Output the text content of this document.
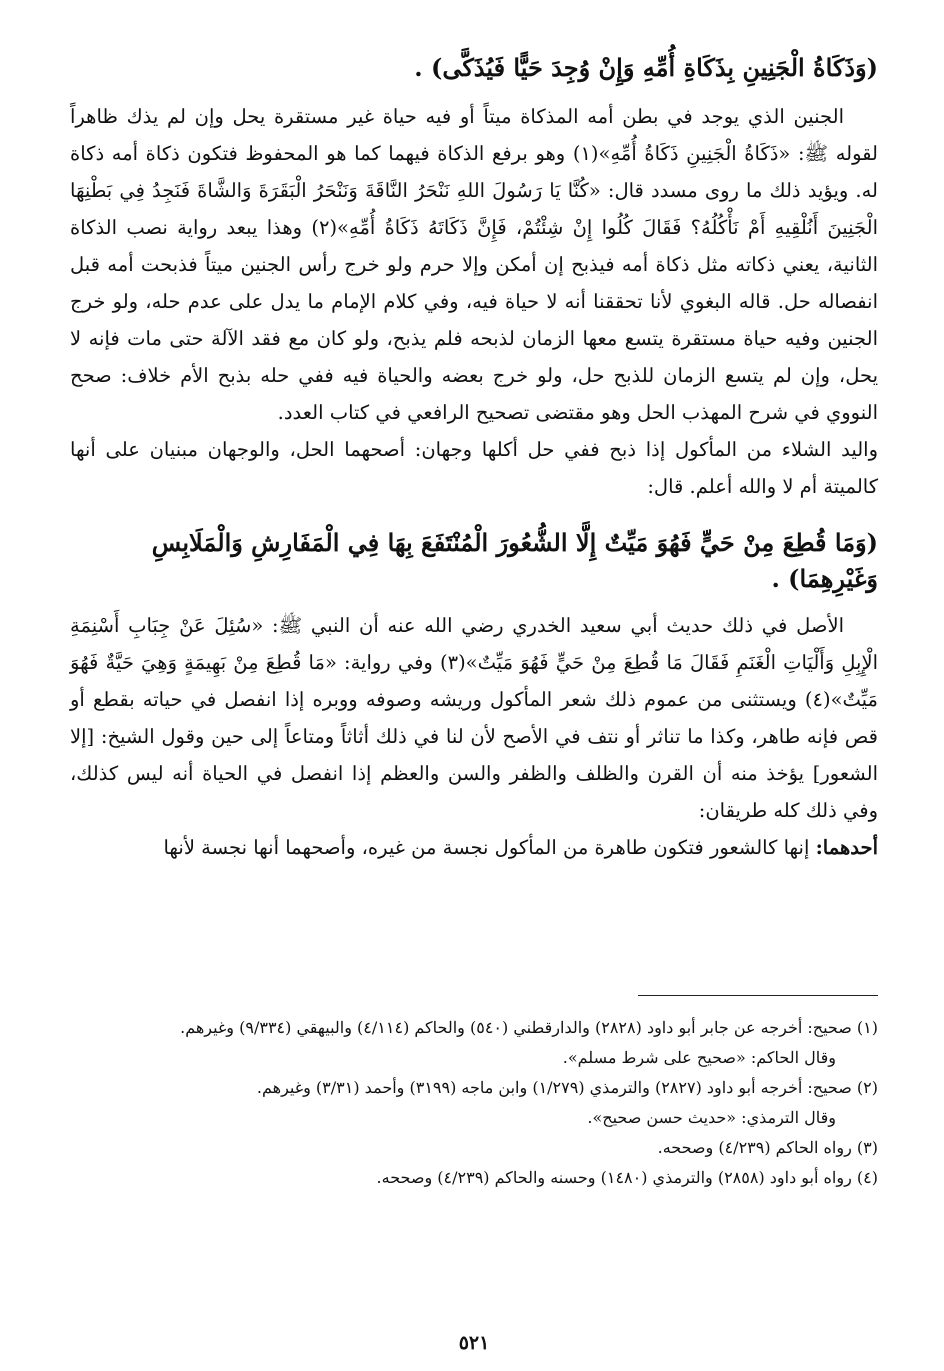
(وَذَكَاةُ الْجَنِينِ بِذَكَاةِ أُمِّهِ وَإِنْ وُجِدَ حَيًّا فَيُذَكَّى) .

الجنين الذي يوجد في بطن أمه المذكاة ميتاً أو فيه حياة غير مستقرة يحل وإن لم يذك ظاهراً لقوله ﷺ: «ذَكَاةُ الْجَنِينِ ذَكَاةُ أُمِّهِ»(١) وهو برفع الذكاة فيهما كما هو المحفوظ فتكون ذكاة أمه ذكاة له. ويؤيد ذلك ما روى مسدد قال: «كُنَّا يَا رَسُولَ اللهِ نَنْحَرُ النَّاقَةَ وَنَنْحَرُ الْبَقَرَةَ وَالشَّاةَ فَنَجِدُ فِي بَطْنِهَا الْجَنِينَ أَنُلْقِيهِ أَمْ نَأْكُلُهُ؟ فَقَالَ كُلُوا إِنْ شِئْتُمْ، فَإِنَّ ذَكَاتَهُ ذَكَاةُ أُمِّهِ»(٢) وهذا يبعد رواية نصب الذكاة الثانية، يعني ذكاته مثل ذكاة أمه فيذبح إن أمكن وإلا حرم ولو خرج رأس الجنين ميتاً فذبحت أمه قبل انفصاله حل. قاله البغوي لأنا تحققنا أنه لا حياة فيه، وفي كلام الإمام ما يدل على عدم حله، ولو خرج الجنين وفيه حياة مستقرة يتسع معها الزمان لذبحه فلم يذبح، ولو كان مع فقد الآلة حتى مات فإنه لا يحل، وإن لم يتسع الزمان للذبح حل، ولو خرج بعضه والحياة فيه ففي حله بذبح الأم خلاف: صحح النووي في شرح المهذب الحل وهو مقتضى تصحيح الرافعي في كتاب العدد.

واليد الشلاء من المأكول إذا ذبح ففي حل أكلها وجهان: أصحهما الحل، والوجهان مبنيان على أنها كالميتة أم لا والله أعلم. قال:

(وَمَا قُطِعَ مِنْ حَيٍّ فَهُوَ مَيِّتٌ إِلَّا الشُّعُورَ الْمُنْتَفَعَ بِهَا فِي الْمَفَارِشِ وَالْمَلَابِسِ وَغَيْرِهِمَا) .

الأصل في ذلك حديث أبي سعيد الخدري رضي الله عنه أن النبي ﷺ: «سُئِلَ عَنْ جِبَابِ أَسْنِمَةِ الْإِبِلِ وَأَلْيَاتِ الْغَنَمِ فَقَالَ مَا قُطِعَ مِنْ حَيٍّ فَهُوَ مَيِّتٌ»(٣) وفي رواية: «مَا قُطِعَ مِنْ بَهِيمَةٍ وَهِيَ حَيَّةٌ فَهُوَ مَيِّتٌ»(٤) ويستثنى من عموم ذلك شعر المأكول وريشه وصوفه ووبره إذا انفصل في حياته بقطع أو قص فإنه طاهر، وكذا ما تناثر أو نتف في الأصح لأن لنا في ذلك أثاثاً ومتاعاً إلى حين وقول الشيخ: [إلا الشعور] يؤخذ منه أن القرن والظلف والظفر والسن والعظم إذا انفصل في الحياة أنه ليس كذلك، وفي ذلك كله طريقان:

أحدهما: إنها كالشعور فتكون طاهرة من المأكول نجسة من غيره، وأصحهما أنها نجسة لأنها

(١) صحيح: أخرجه عن جابر أبو داود (٢٨٢٨) والدارقطني (٥٤٠) والحاكم (٤/١١٤) والبيهقي (٩/٣٣٤) وغيرهم.
وقال الحاكم: «صحيح على شرط مسلم».
(٢) صحيح: أخرجه أبو داود (٢٨٢٧) والترمذي (١/٢٧٩) وابن ماجه (٣١٩٩) وأحمد (٣/٣١) وغيرهم.
وقال الترمذي: «حديث حسن صحيح».
(٣) رواه الحاكم (٤/٢٣٩) وصححه.
(٤) رواه أبو داود (٢٨٥٨) والترمذي (١٤٨٠) وحسنه والحاكم (٤/٢٣٩) وصححه.
٥٢١
